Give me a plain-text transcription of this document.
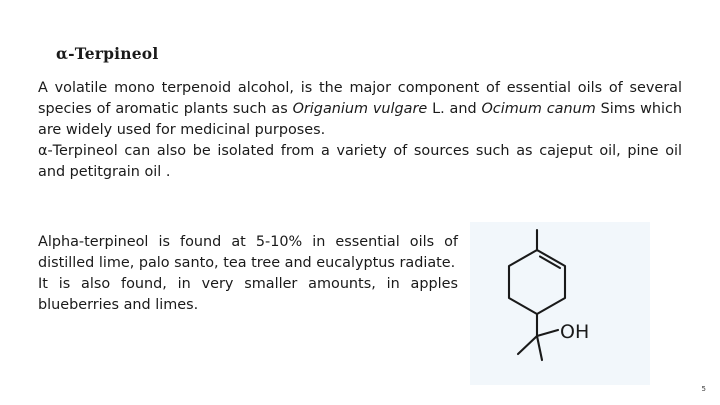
α-Terpineol

A volatile mono terpenoid alcohol, is the major component of essential oils of several species of aromatic plants such as Origanium vulgare L. and Ocimum canum Sims which are widely used for medicinal purposes.

α-Terpineol can also be isolated from a variety of sources such as cajeput oil, pine oil and petitgrain oil .

Alpha-terpineol is found at 5-10% in essential oils of distilled lime, palo santo, tea tree and eucalyptus radiate.

It is also found, in very smaller amounts, in apples blueberries and limes.

OH
5
